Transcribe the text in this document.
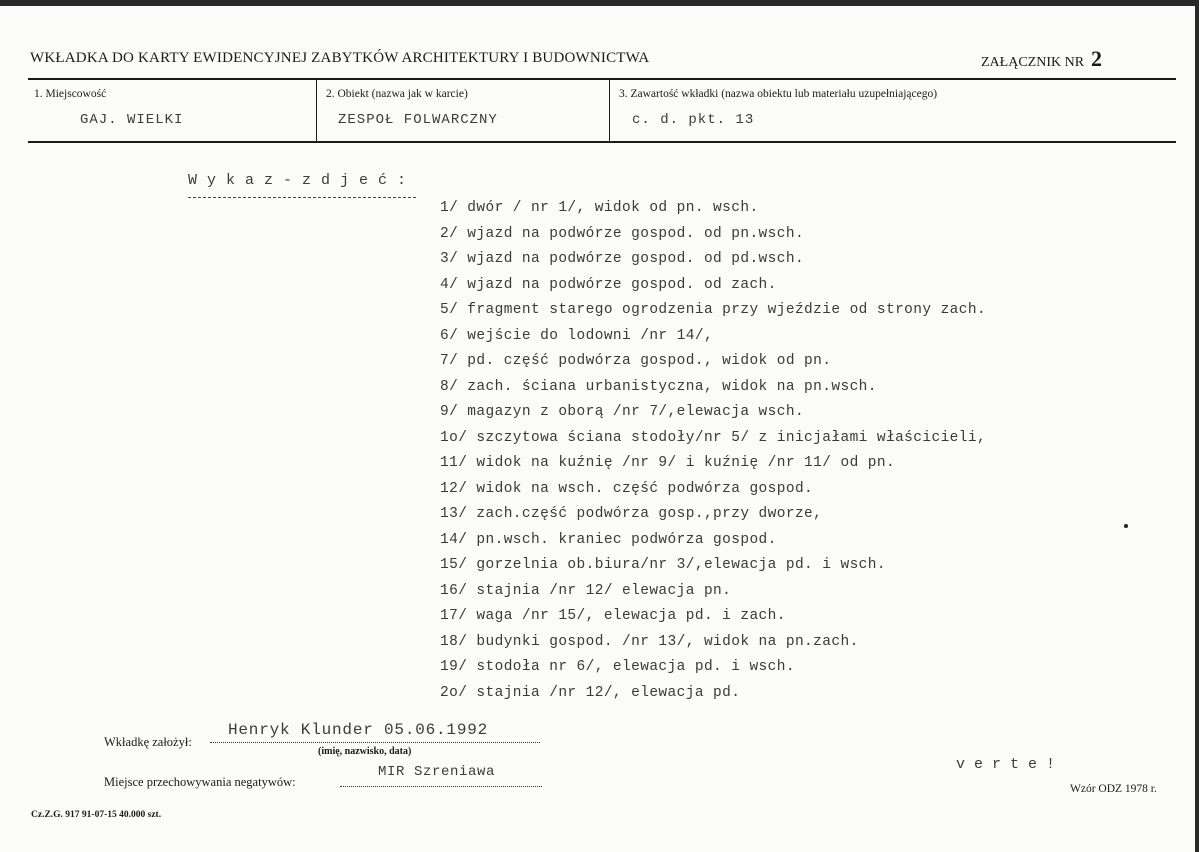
WKŁADKA DO KARTY EWIDENCYJNEJ ZABYTKÓW ARCHITEKTURY I BUDOWNICTWA	ZAŁĄCZNIK NR 2
1. Miejscowość
GAJ. WIELKI
2. Obiekt (nazwa jak w karcie)
ZESPOŁ FOLWARCZNY
3. Zawartość wkładki (nazwa obiektu lub materiału uzupełniającego)
c. d. pkt. 13
W y k a z - z d j e ć :
1/ dwór / nr 1/, widok od pn. wsch.
2/ wjazd na podwórze gospod. od pn.wsch.
3/ wjazd na podwórze gospod. od pd.wsch.
4/ wjazd na podwórze gospod. od zach.
5/ fragment starego ogrodzenia przy wjeździe od strony zach.
6/ wejście do lodowni /nr 14/,
7/ pd. część podwórza gospod., widok od pn.
8/ zach. ściana urbanistyczna, widok na pn.wsch.
9/ magazyn z oborą /nr 7/,elewacja wsch.
1o/ szczytowa ściana stodoły/nr 5/ z inicjałami właścicieli,
11/ widok na kuźnię /nr 9/ i kuźnię /nr 11/ od pn.
12/ widok na wsch. część podwórza gospod.
13/ zach.część podwórza gosp.,przy dworze,
14/ pn.wsch. kraniec podwórza gospod.
15/ gorzelnia ob.biura/nr 3/,elewacja pd. i wsch.
16/ stajnia /nr 12/ elewacja pn.
17/ waga /nr 15/, elewacja pd. i zach.
18/ budynki gospod. /nr 13/, widok na pn.zach.
19/ stodoła nr 6/, elewacja pd. i wsch.
2o/ stajnia /nr 12/, elewacja pd.
Wkładkę założył:
Henryk Klunder 05.06.1992
(imię, nazwisko, data)
Miejsce przechowywania negatywów:
MIR Szreniawa	v e r t e !
Cz.Z.G. 917 91-07-15 40.000 szt.
Wzór ODZ 1978 r.
